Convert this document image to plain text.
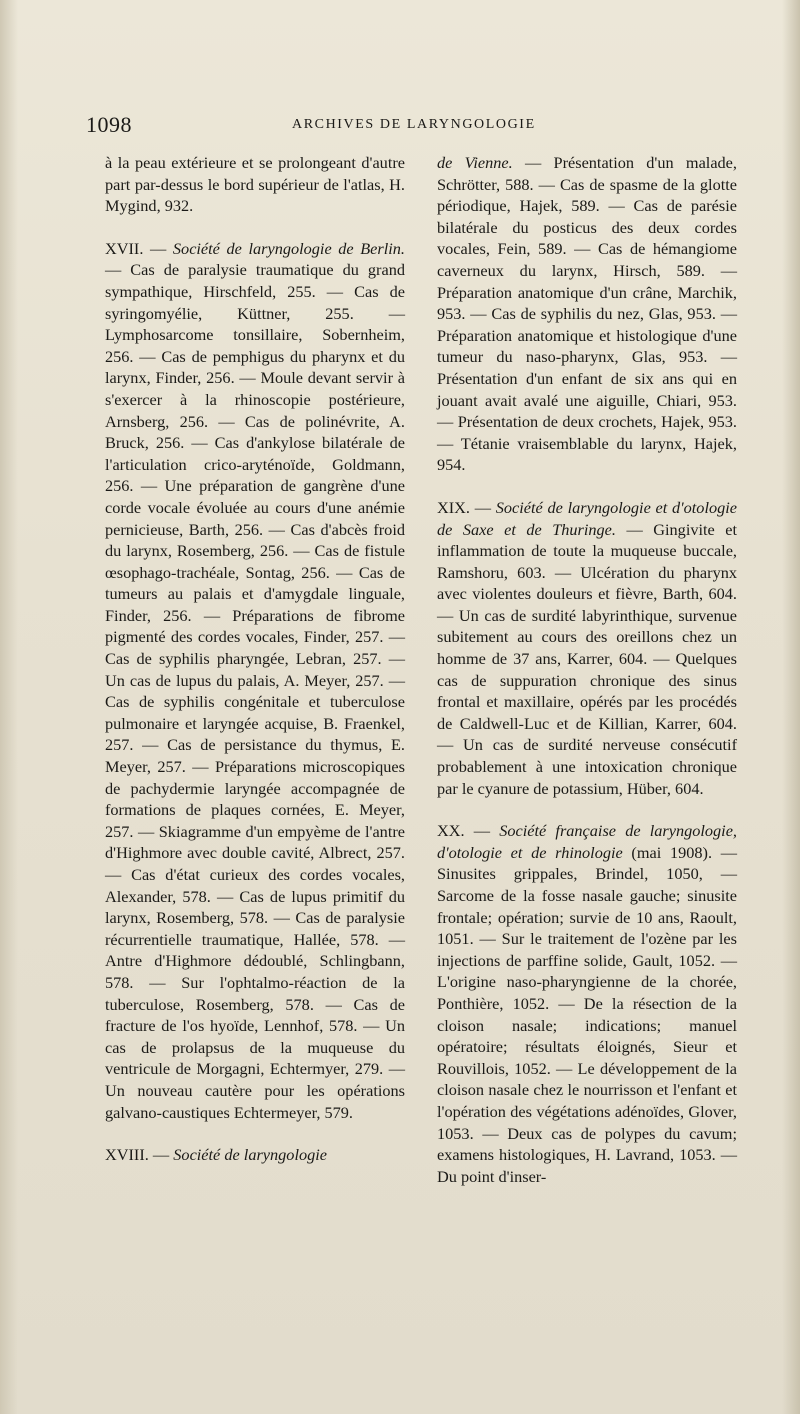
1098	ARCHIVES DE LARYNGOLOGIE

à la peau extérieure et se prolongeant d'autre part par-dessus le bord supérieur de l'atlas, H. Mygind, 932.

XVII. — Société de laryngologie de Berlin. — Cas de paralysie traumatique du grand sympathique, Hirschfeld, 255. — Cas de syringomyélie, Küttner, 255. — Lymphosarcome tonsillaire, Sobernheim, 256. — Cas de pemphigus du pharynx et du larynx, Finder, 256. — Moule devant servir à s'exercer à la rhinoscopie postérieure, Arnsberg, 256. — Cas de polinévrite, A. Bruck, 256. — Cas d'ankylose bilatérale de l'articulation crico-aryténoïde, Goldmann, 256. — Une préparation de gangrène d'une corde vocale évoluée au cours d'une anémie pernicieuse, Barth, 256. — Cas d'abcès froid du larynx, Rosemberg, 256. — Cas de fistule œsophago-trachéale, Sontag, 256. — Cas de tumeurs au palais et d'amygdale linguale, Finder, 256. — Préparations de fibrome pigmenté des cordes vocales, Finder, 257. — Cas de syphilis pharyngée, Lebran, 257. — Un cas de lupus du palais, A. Meyer, 257. — Cas de syphilis congénitale et tuberculose pulmonaire et laryngée acquise, B. Fraenkel, 257. — Cas de persistance du thymus, E. Meyer, 257. — Préparations microscopiques de pachydermie laryngée accompagnée de formations de plaques cornées, E. Meyer, 257. — Skiagramme d'un empyème de l'antre d'Highmore avec double cavité, Albrect, 257. — Cas d'état curieux des cordes vocales, Alexander, 578. — Cas de lupus primitif du larynx, Rosemberg, 578. — Cas de paralysie récurrentielle traumatique, Hallée, 578. — Antre d'Highmore dédoublé, Schlingbann, 578. — Sur l'ophtalmo-réaction de la tuberculose, Rosemberg, 578. — Cas de fracture de l'os hyoïde, Lennhof, 578. — Un cas de prolapsus de la muqueuse du ventricule de Morgagni, Echtermyer, 279. — Un nouveau cautère pour les opérations galvano-caustiques Echtermeyer, 579.

XVIII. — Société de laryngologie

de Vienne. — Présentation d'un malade, Schrötter, 588. — Cas de spasme de la glotte périodique, Hajek, 589. — Cas de parésie bilatérale du posticus des deux cordes vocales, Fein, 589. — Cas de hémangiome caverneux du larynx, Hirsch, 589. — Préparation anatomique d'un crâne, Marchik, 953. — Cas de syphilis du nez, Glas, 953. — Préparation anatomique et histologique d'une tumeur du naso-pharynx, Glas, 953. — Présentation d'un enfant de six ans qui en jouant avait avalé une aiguille, Chiari, 953. — Présentation de deux crochets, Hajek, 953. — Tétanie vraisemblable du larynx, Hajek, 954.

XIX. — Société de laryngologie et d'otologie de Saxe et de Thuringe. — Gingivite et inflammation de toute la muqueuse buccale, Ramshoru, 603. — Ulcération du pharynx avec violentes douleurs et fièvre, Barth, 604. — Un cas de surdité labyrinthique, survenue subitement au cours des oreillons chez un homme de 37 ans, Karrer, 604. — Quelques cas de suppuration chronique des sinus frontal et maxillaire, opérés par les procédés de Caldwell-Luc et de Killian, Karrer, 604. — Un cas de surdité nerveuse consécutif probablement à une intoxication chronique par le cyanure de potassium, Hüber, 604.

XX. — Société française de laryngologie, d'otologie et de rhinologie (mai 1908). — Sinusites grippales, Brindel, 1050, — Sarcome de la fosse nasale gauche; sinusite frontale; opération; survie de 10 ans, Raoult, 1051. — Sur le traitement de l'ozène par les injections de parffine solide, Gault, 1052. — L'origine naso-pharyngienne de la chorée, Ponthière, 1052. — De la résection de la cloison nasale; indications; manuel opératoire; résultats éloignés, Sieur et Rouvillois, 1052. — Le développement de la cloison nasale chez le nourrisson et l'enfant et l'opération des végétations adénoïdes, Glover, 1053. — Deux cas de polypes du cavum; examens histologiques, H. Lavrand, 1053. — Du point d'inser-
